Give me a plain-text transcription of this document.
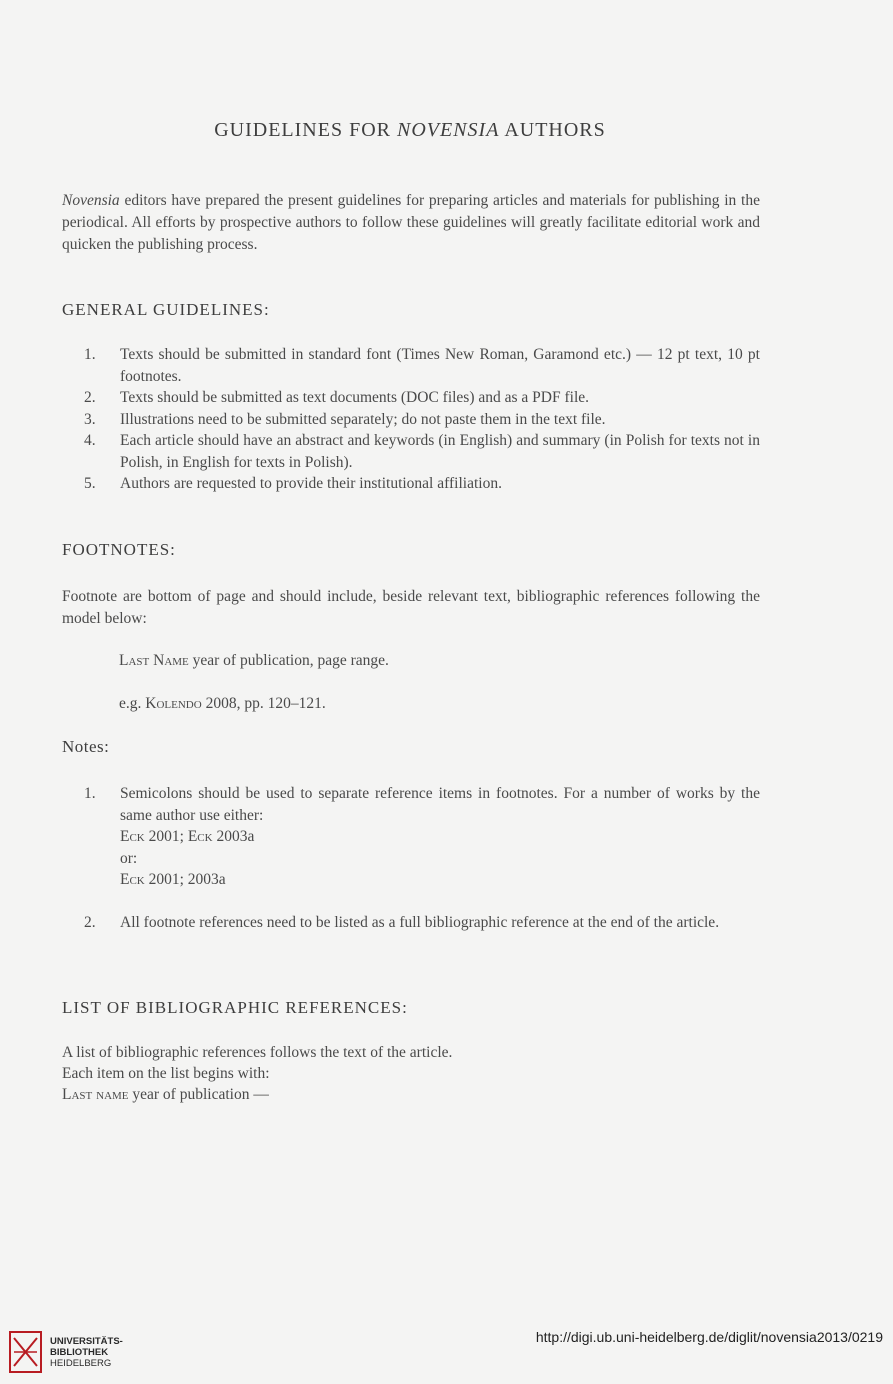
GUIDELINES FOR NOVENSIA AUTHORS
Novensia editors have prepared the present guidelines for preparing articles and materials for publishing in the periodical. All efforts by prospective authors to follow these guidelines will greatly facilitate editorial work and quicken the publishing process.
GENERAL GUIDELINES:
1. Texts should be submitted in standard font (Times New Roman, Garamond etc.) — 12 pt text, 10 pt footnotes.
2. Texts should be submitted as text documents (DOC files) and as a PDF file.
3. Illustrations need to be submitted separately; do not paste them in the text file.
4. Each article should have an abstract and keywords (in English) and summary (in Polish for texts not in Polish, in English for texts in Polish).
5. Authors are requested to provide their institutional affiliation.
FOOTNOTES:
Footnote are bottom of page and should include, beside relevant text, bibliographic references following the model below:
Last Name year of publication, page range.
e.g. Kolendo 2008, pp. 120–121.
Notes:
1. Semicolons should be used to separate reference items in footnotes. For a number of works by the same author use either:
Eck 2001; Eck 2003a
or:
Eck 2001; 2003a
2. All footnote references need to be listed as a full bibliographic reference at the end of the article.
LIST OF BIBLIOGRAPHIC REFERENCES:
A list of bibliographic references follows the text of the article.
Each item on the list begins with:
Last name year of publication —
UNIVERSITÄTS-
BIBLIOTHEK
HEIDELBERG
http://digi.ub.uni-heidelberg.de/diglit/novensia2013/0219
